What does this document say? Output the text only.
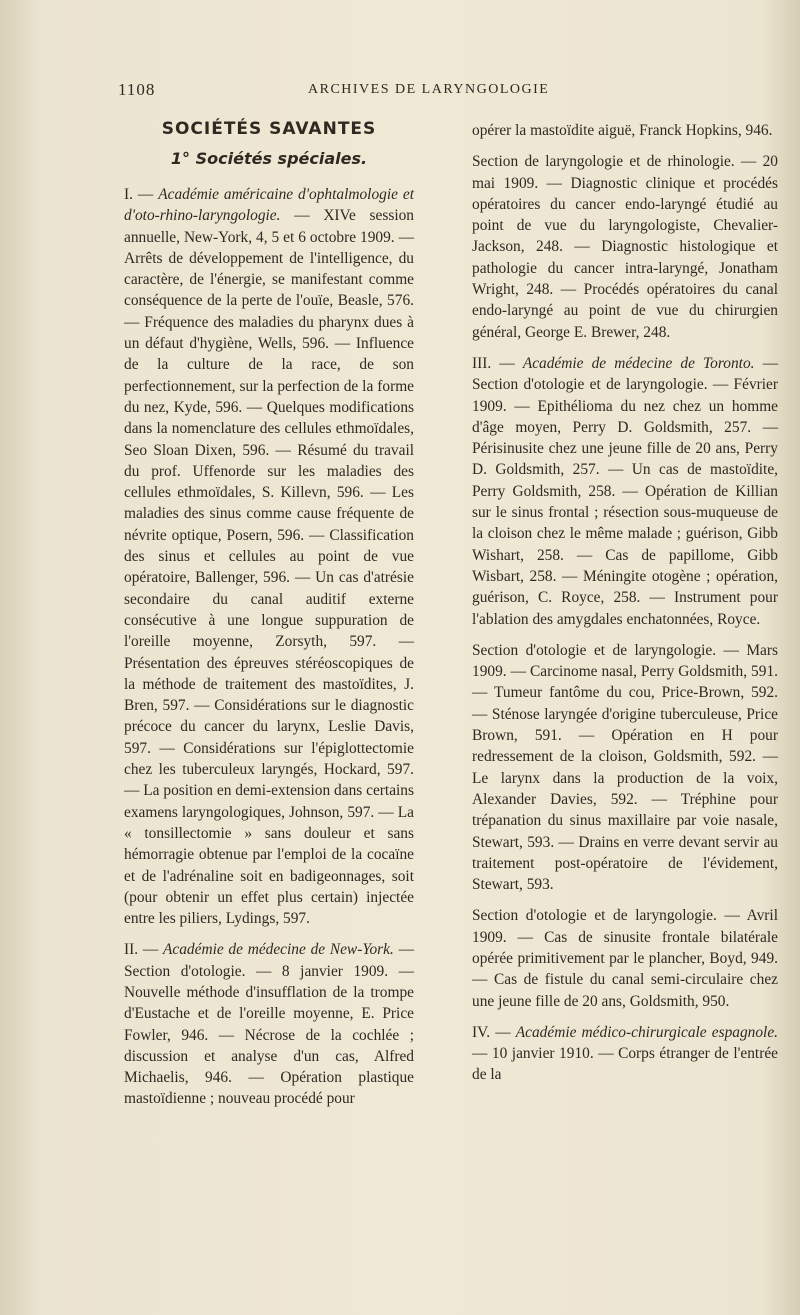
1108	ARCHIVES DE LARYNGOLOGIE
SOCIÉTÉS SAVANTES
1° Sociétés spéciales.

I. — Académie américaine d'ophtalmologie et d'oto-rhino-laryngologie. — XIVe session annuelle, New-York, 4, 5 et 6 octobre 1909. — Arrêts de développement de l'intelligence, du caractère, de l'énergie, se manifestant comme conséquence de la perte de l'ouïe, Beasle, 576. — Fréquence des maladies du pharynx dues à un défaut d'hygiène, Wells, 596. — Influence de la culture de la race, de son perfectionnement, sur la perfection de la forme du nez, Kyde, 596. — Quelques modifications dans la nomenclature des cellules ethmoïdales, Seo Sloan Dixen, 596. — Résumé du travail du prof. Uffenorde sur les maladies des cellules ethmoïdales, S. Killevn, 596. — Les maladies des sinus comme cause fréquente de névrite optique, Posern, 596. — Classification des sinus et cellules au point de vue opératoire, Ballenger, 596. — Un cas d'atrésie secondaire du canal auditif externe consécutive à une longue suppuration de l'oreille moyenne, Zorsyth, 597. — Présentation des épreuves stéréoscopiques de la méthode de traitement des mastoïdites, J. Bren, 597. — Considérations sur le diagnostic précoce du cancer du larynx, Leslie Davis, 597. — Considérations sur l'épiglottectomie chez les tuberculeux laryngés, Hockard, 597. — La position en demi-extension dans certains examens laryngologiques, Johnson, 597. — La « tonsillectomie » sans douleur et sans hémorragie obtenue par l'emploi de la cocaïne et de l'adrénaline soit en badigeonnages, soit (pour obtenir un effet plus certain) injectée entre les piliers, Lydings, 597.

II. — Académie de médecine de New-York. — Section d'otologie. — 8 janvier 1909. — Nouvelle méthode d'insufflation de la trompe d'Eustache et de l'oreille moyenne, E. Price Fowler, 946. — Nécrose de la cochlée ; discussion et analyse d'un cas, Alfred Michaelis, 946. — Opération plastique mastoïdienne ; nouveau procédé pour

opérer la mastoïdite aiguë, Franck Hopkins, 946.

Section de laryngologie et de rhinologie. — 20 mai 1909. — Diagnostic clinique et procédés opératoires du cancer endo-laryngé étudié au point de vue du laryngologiste, Chevalier-Jackson, 248. — Diagnostic histologique et pathologie du cancer intra-laryngé, Jonatham Wright, 248. — Procédés opératoires du canal endo-laryngé au point de vue du chirurgien général, George E. Brewer, 248.

III. — Académie de médecine de Toronto. — Section d'otologie et de laryngologie. — Février 1909. — Epithélioma du nez chez un homme d'âge moyen, Perry D. Goldsmith, 257. — Périsinusite chez une jeune fille de 20 ans, Perry D. Goldsmith, 257. — Un cas de mastoïdite, Perry Goldsmith, 258. — Opération de Killian sur le sinus frontal ; résection sous-muqueuse de la cloison chez le même malade ; guérison, Gibb Wishart, 258. — Cas de papillome, Gibb Wisbart, 258. — Méningite otogène ; opération, guérison, C. Royce, 258. — Instrument pour l'ablation des amygdales enchatonnées, Royce.

Section d'otologie et de laryngologie. — Mars 1909. — Carcinome nasal, Perry Goldsmith, 591. — Tumeur fantôme du cou, Price-Brown, 592. — Sténose laryngée d'origine tuberculeuse, Price Brown, 591. — Opération en H pour redressement de la cloison, Goldsmith, 592. — Le larynx dans la production de la voix, Alexander Davies, 592. — Tréphine pour trépanation du sinus maxillaire par voie nasale, Stewart, 593. — Drains en verre devant servir au traitement post-opératoire de l'évidement, Stewart, 593.

Section d'otologie et de laryngologie. — Avril 1909. — Cas de sinusite frontale bilatérale opérée primitivement par le plancher, Boyd, 949. — Cas de fistule du canal semi-circulaire chez une jeune fille de 20 ans, Goldsmith, 950.

IV. — Académie médico-chirurgicale espagnole. — 10 janvier 1910. — Corps étranger de l'entrée de la
